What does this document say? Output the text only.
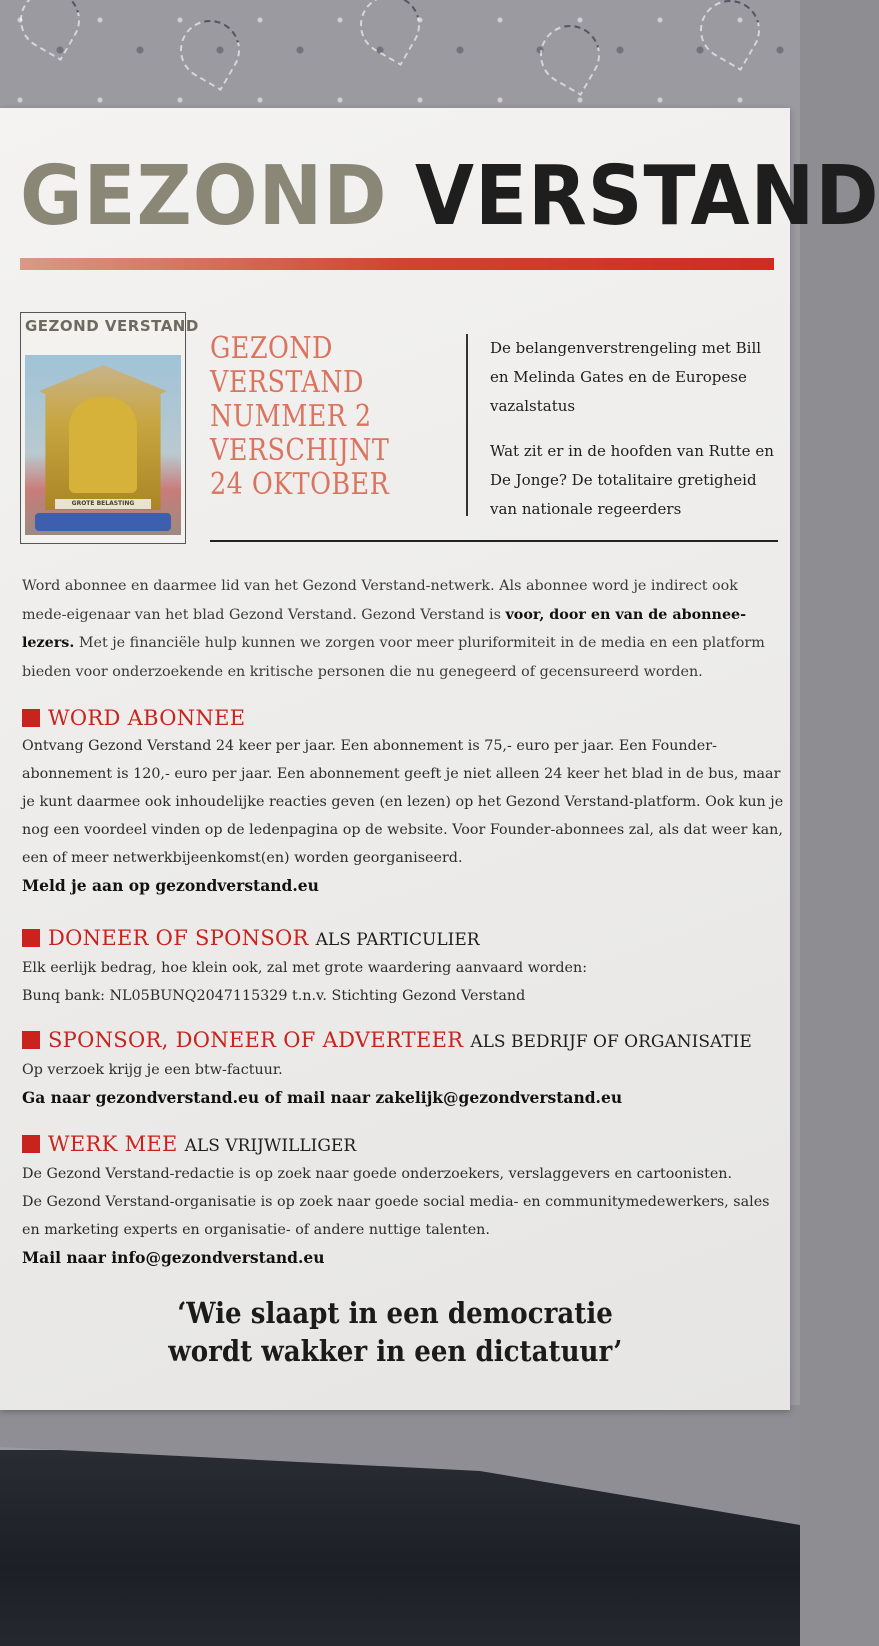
GEZOND VERSTAND
GEZOND VERSTAND
GROTE BELASTING
GEZOND
VERSTAND
NUMMER 2
VERSCHIJNT
24 OKTOBER

De belangenverstrengeling met Bill en Melinda Gates en de Europese vazalstatus

Wat zit er in de hoofden van Rutte en De Jonge? De totalitaire gretigheid van nationale regeerders

Word abonnee en daarmee lid van het Gezond Verstand-netwerk. Als abonnee word je indirect ook mede-eigenaar van het blad Gezond Verstand. Gezond Verstand is voor, door en van de abonnee-lezers. Met je financiële hulp kunnen we zorgen voor meer pluriformiteit in de media en een platform bieden voor onderzoekende en kritische personen die nu genegeerd of gecensureerd worden.
WORD ABONNEE
Ontvang Gezond Verstand 24 keer per jaar. Een abonnement is 75,- euro per jaar. Een Founder-abonnement is 120,- euro per jaar. Een abonnement geeft je niet alleen 24 keer het blad in de bus, maar je kunt daarmee ook inhoudelijke reacties geven (en lezen) op het Gezond Verstand-platform. Ook kun je nog een voordeel vinden op de ledenpagina op de website. Voor Founder-abonnees zal, als dat weer kan, een of meer netwerkbijeenkomst(en) worden georganiseerd.
Meld je aan op gezondverstand.eu
DONEER OF SPONSOR ALS PARTICULIER
Elk eerlijk bedrag, hoe klein ook, zal met grote waardering aanvaard worden:
Bunq bank: NL05BUNQ2047115329 t.n.v. Stichting Gezond Verstand
SPONSOR, DONEER OF ADVERTEER ALS BEDRIJF OF ORGANISATIE
Op verzoek krijg je een btw-factuur.
Ga naar gezondverstand.eu of mail naar zakelijk@gezondverstand.eu
WERK MEE ALS VRIJWILLIGER
De Gezond Verstand-redactie is op zoek naar goede onderzoekers, verslaggevers en cartoonisten.
De Gezond Verstand-organisatie is op zoek naar goede social media- en communitymedewerkers, sales en marketing experts en organisatie- of andere nuttige talenten.
Mail naar info@gezondverstand.eu
‘Wie slaapt in een democratie
wordt wakker in een dictatuur’
